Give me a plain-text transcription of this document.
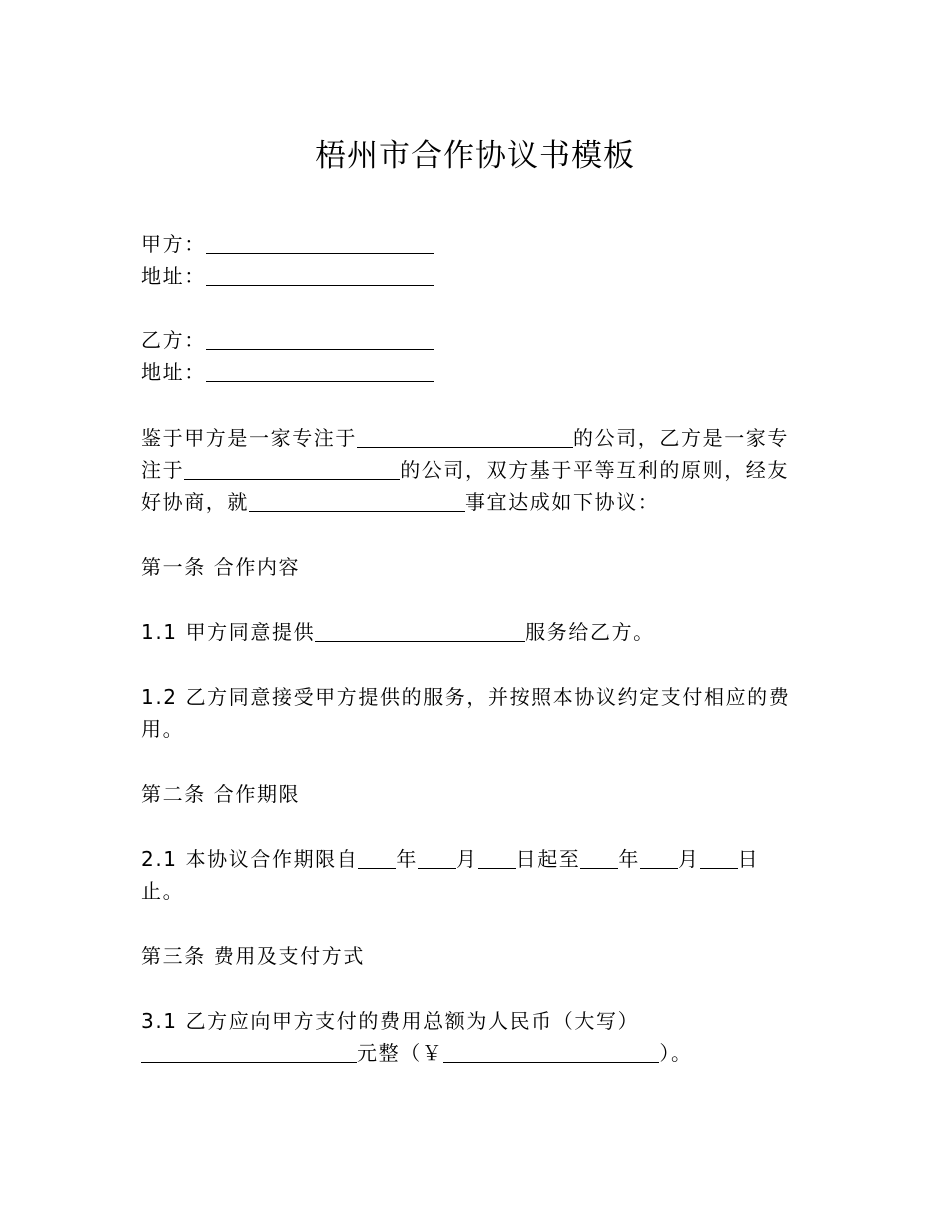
梧州市合作协议书模板
甲方：
地址：
乙方：
地址：
鉴于甲方是一家专注于	的公司，乙方是一家专
注于	的公司，双方基于平等互利的原则，经友
好协商，就	事宜达成如下协议：
第一条 合作内容
1.1 甲方同意提供	服务给乙方。
1.2 乙方同意接受甲方提供的服务，并按照本协议约定支付相应的费
用。
第二条 合作期限
2.1 本协议合作期限自 年 月 日起至 年 月 日
止。
第三条 费用及支付方式
3.1 乙方应向甲方支付的费用总额为人民币（大写）
元整（￥	）。
